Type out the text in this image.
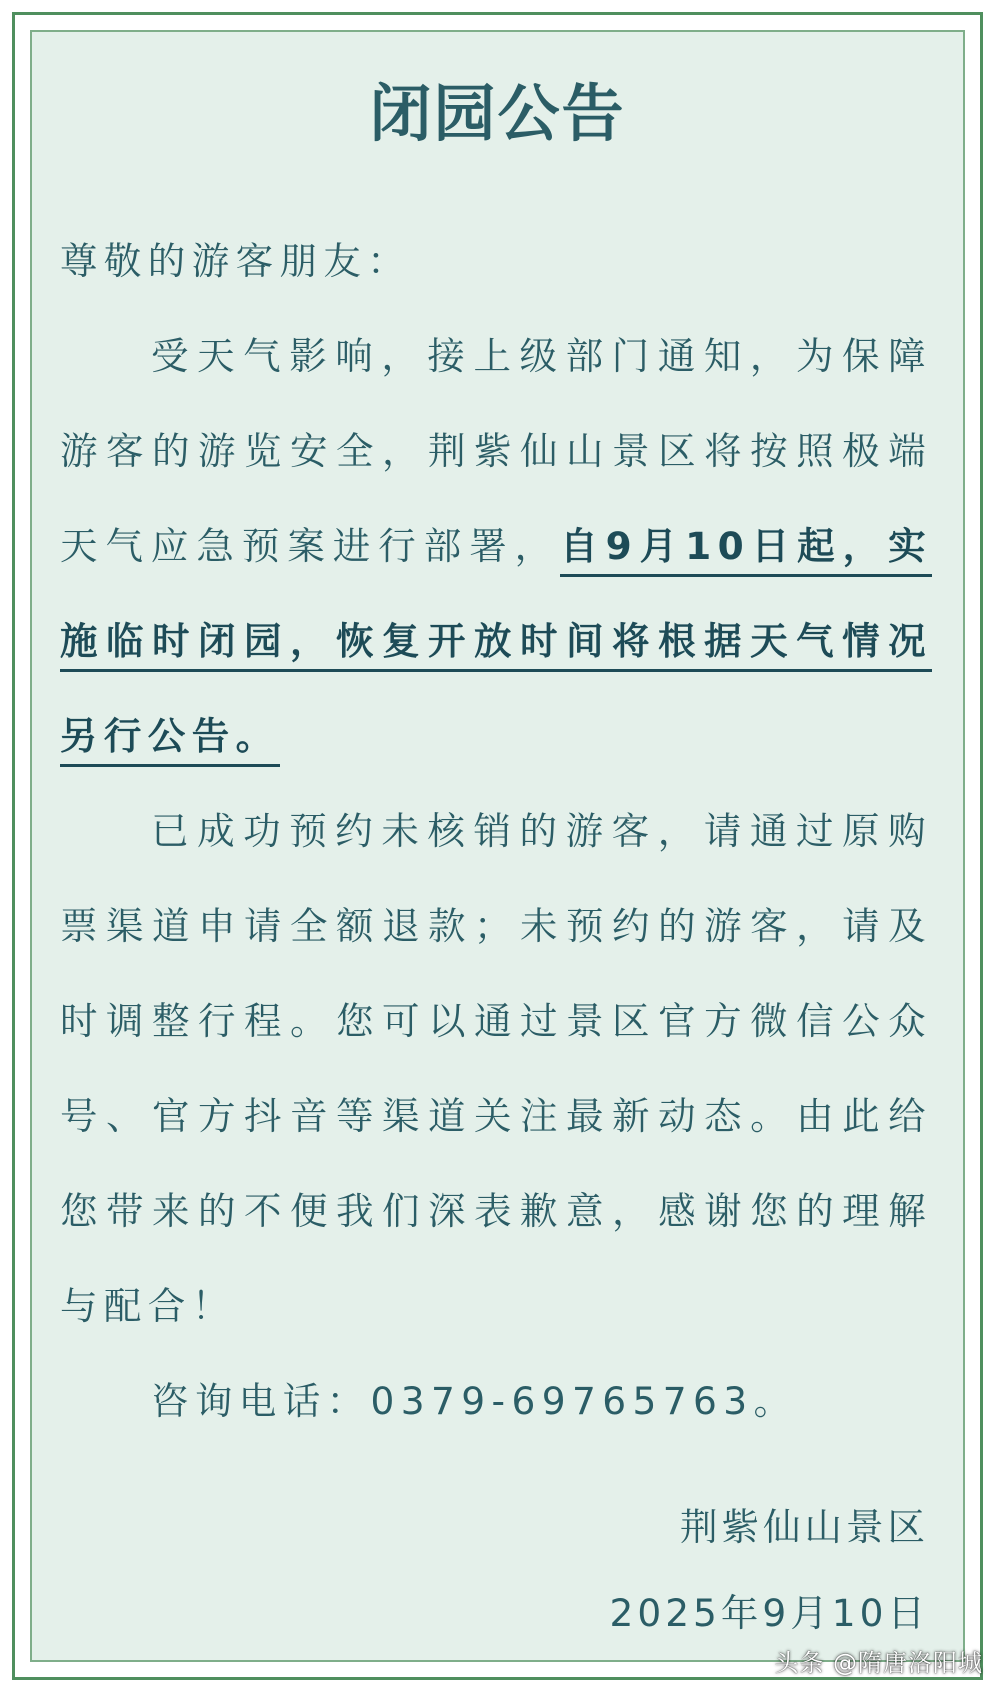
闭园公告

尊敬的游客朋友：

受天气影响，接上级部门通知，为保障游客的游览安全，荆紫仙山景区将按照极端天气应急预案进行部署，自9月10日起，实施临时闭园，恢复开放时间将根据天气情况另行公告。

已成功预约未核销的游客，请通过原购票渠道申请全额退款；未预约的游客，请及时调整行程。您可以通过景区官方微信公众号、官方抖音等渠道关注最新动态。由此给您带来的不便我们深表歉意，感谢您的理解与配合！

咨询电话：0379-69765763。

荆紫仙山景区
2025年9月10日
头条 @隋唐洛阳城
